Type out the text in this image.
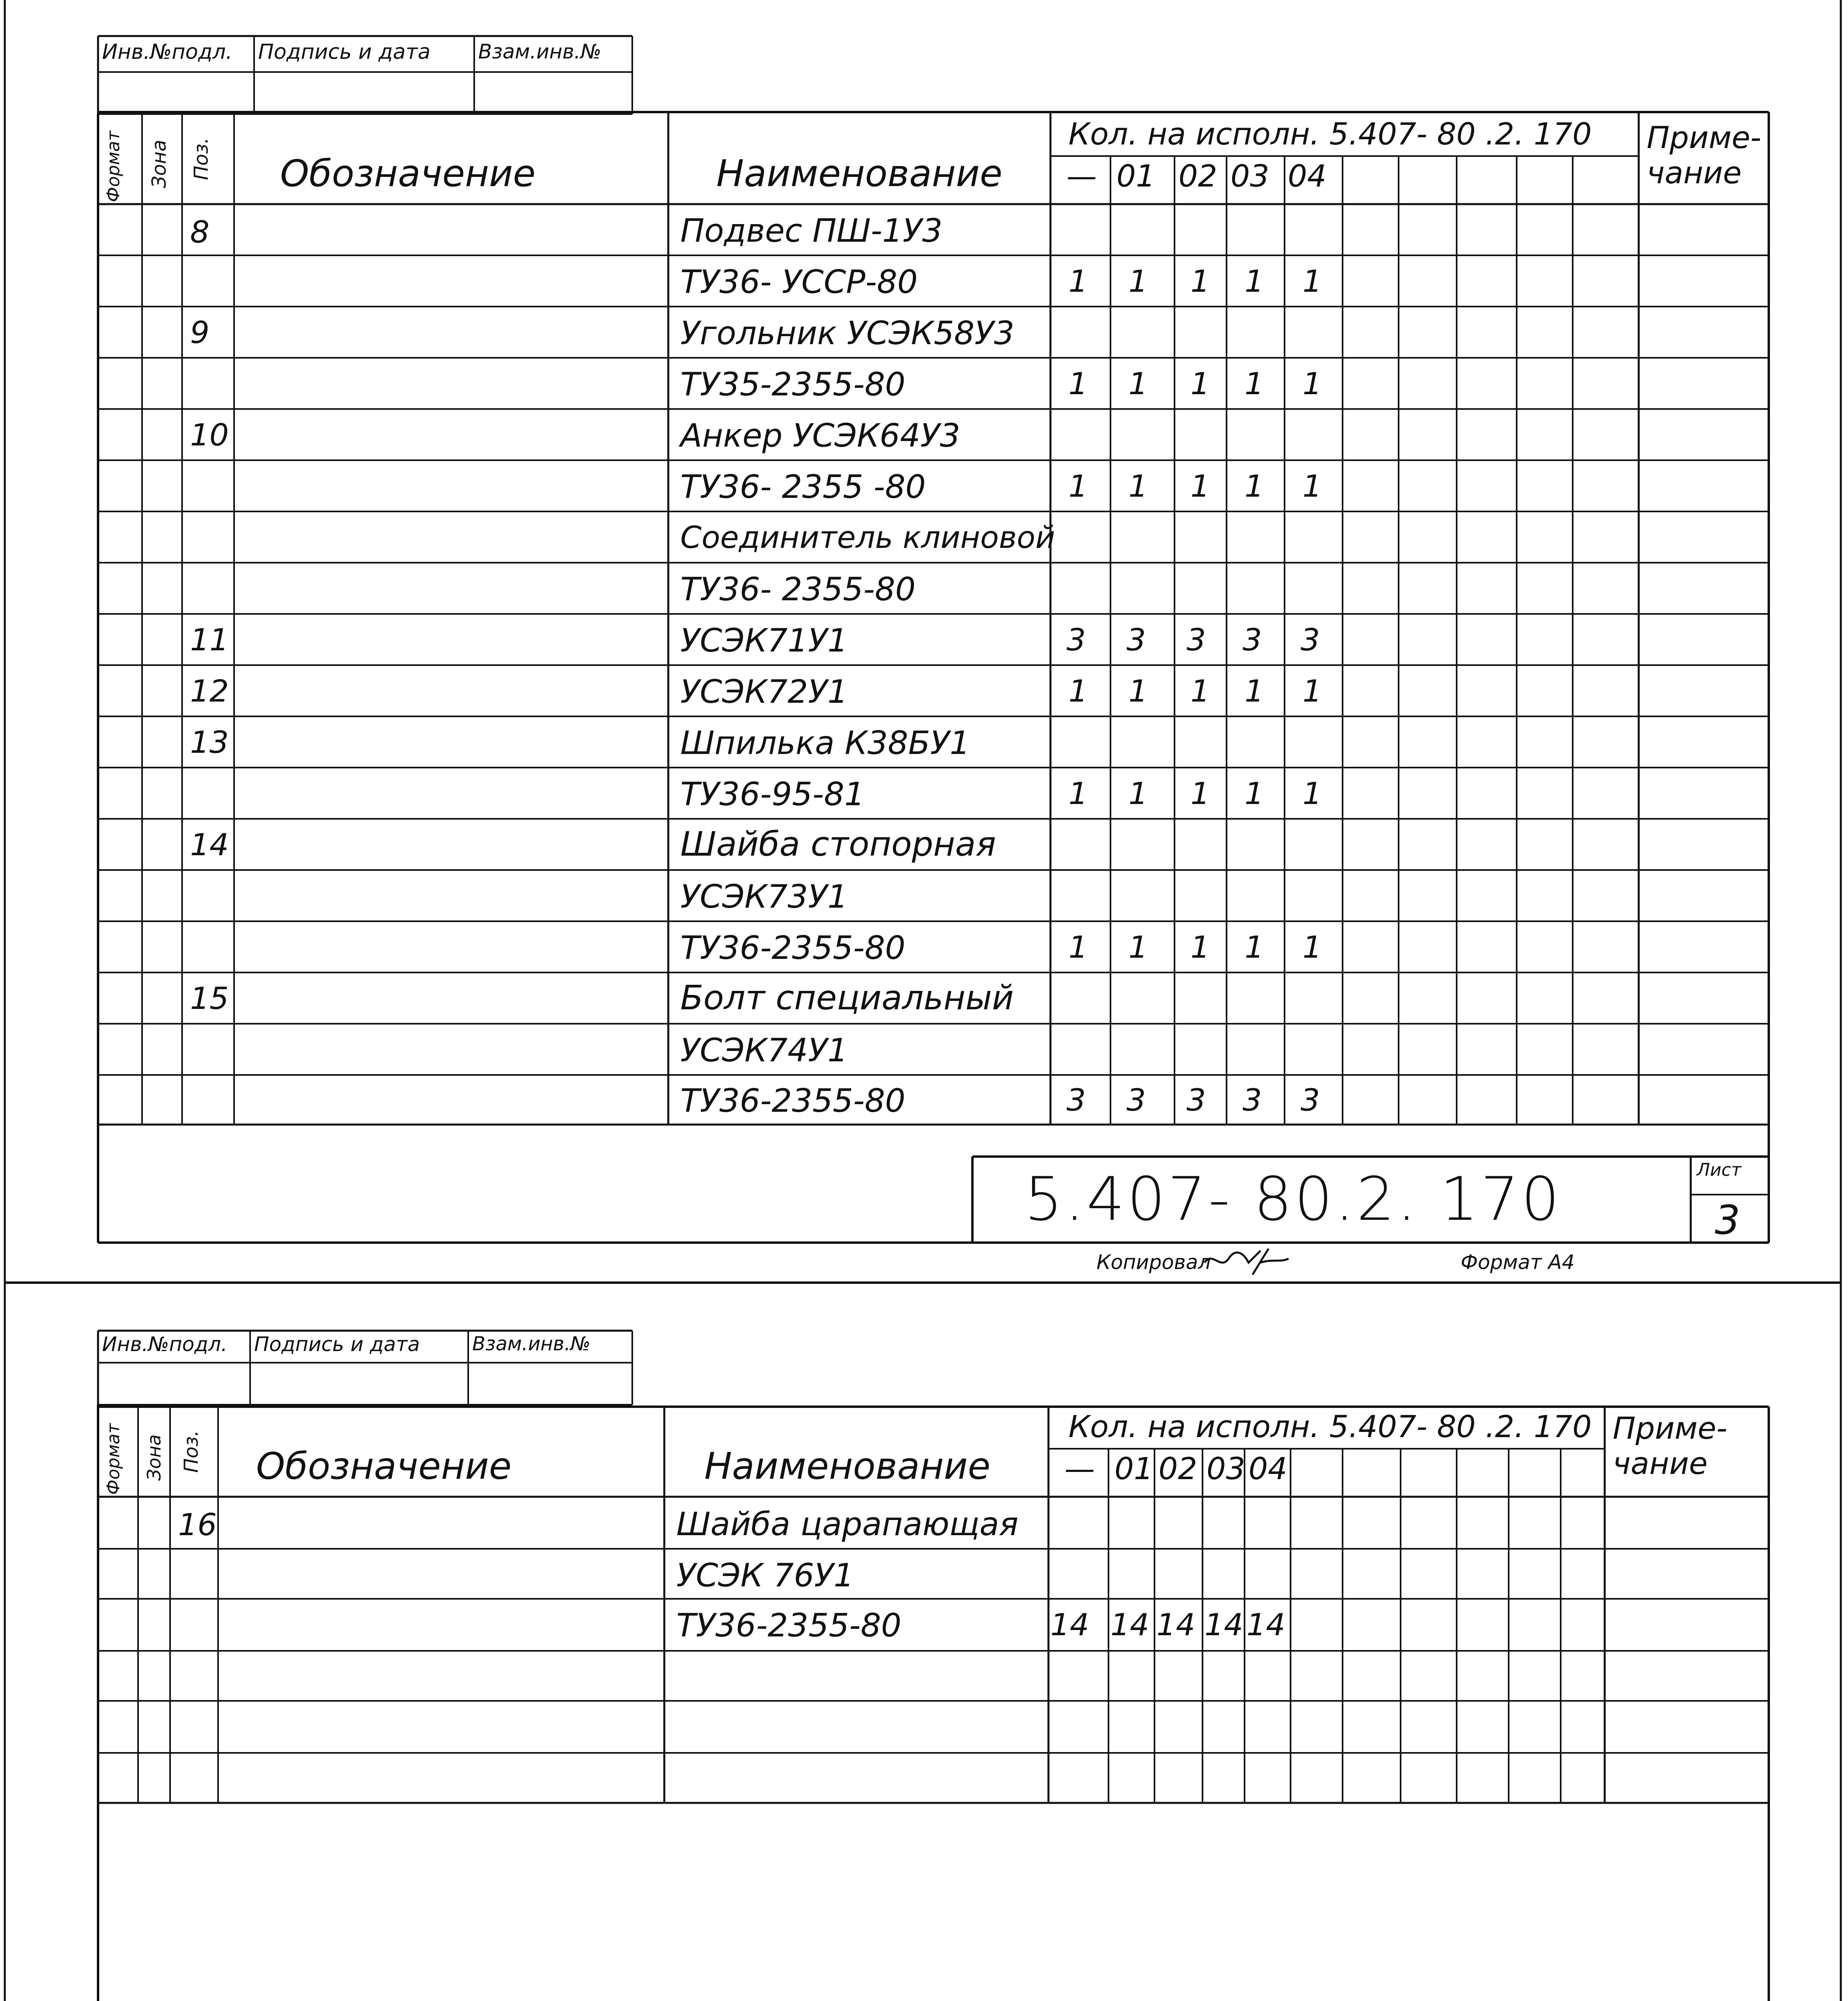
Инв.№подл. Подпись и дата Взам.инв.№
Формат Зона Поз. Обозначение	Наименование
Кол. на исполн. 5.407- 80 .2. 170
— 01 02 03 04
Приме- чание
8	Подвес ПШ-1У3
ТУ36- УССР-80	1 1 1 1 1
9	Угольник УСЭК58У3
ТУ35-2355-80	1 1 1 1 1
10	Анкер УСЭК64У3
ТУ36- 2355 -80	1 1 1 1 1
Соединитель клиновой
ТУ36- 2355-80
11	УСЭК71У1	3 3 3 3 3
12	УСЭК72У1	1 1 1 1 1
13	Шпилька К38БУ1
ТУ36-95-81	1 1 1 1 1
14	Шайба стопорная
УСЭК73У1
ТУ36-2355-80	1 1 1 1 1
15	Болт специальный
УСЭК74У1
ТУ36-2355-80	3 3 3 3 3
5.407- 80.2. 170	Лист
3
Копировал	Формат А4
Инв.№подл. Подпись и дата	Взам.инв.№
Формат Зона Поз. Обозначение	Наименование
Кол. на исполн. 5.407- 80 .2. 170
— 01 02 03 04
Приме- чание
16	Шайба царапающая
УСЭК 76У1
ТУ36-2355-80	14 14 14 14 14
